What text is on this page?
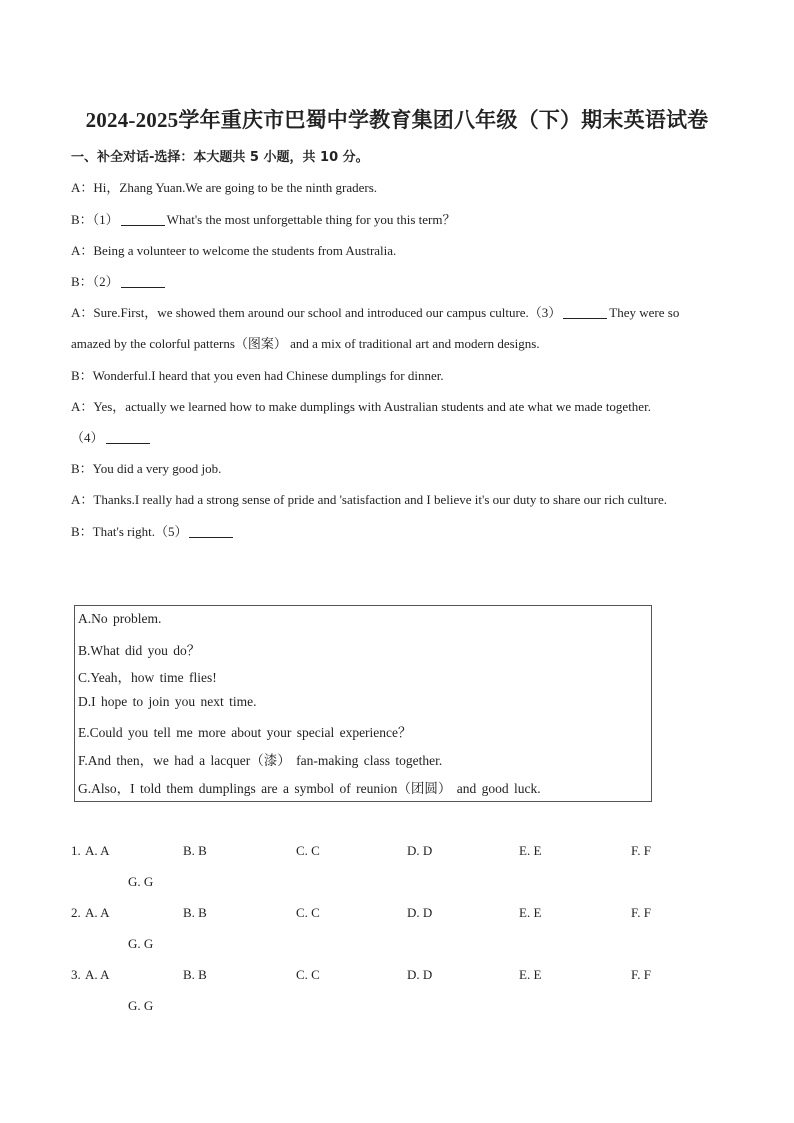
2024-2025学年重庆市巴蜀中学教育集团八年级（下）期末英语试卷
一、补全对话-选择：本大题共 5 小题，共 10 分。
A：Hi，Zhang Yuan.We are going to be the ninth graders.
B：（1）	What's the most unforgettable thing for you this term？
A：Being a volunteer to welcome the students from Australia.
B：（2）
A：Sure.First，we showed them around our school and introduced our campus culture.（3）	They were so
amazed by the colorful patterns（图案） and a mix of traditional art and modern designs.
B：Wonderful.I heard that you even had Chinese dumplings for dinner.
A：Yes，actually we learned how to make dumplings with Australian students and ate what we made together.
（4）
B：You did a very good job.
A：Thanks.I really had a strong sense of pride and 'satisfaction and I believe it's our duty to share our rich culture.
B：That's right.（5）
A.No problem.
B.What did you do？
C.Yeah，how time flies!
D.I hope to join you next time.
E.Could you tell me more about your special experience？
F.And then，we had a lacquer（漆） fan-making class together.
G.Also，I told them dumplings are a symbol of reunion（团圆） and good luck.
1. A. A	B. B	C. C	D. D	E. E	F. F
G. G
2. A. A	B. B	C. C	D. D	E. E	F. F
G. G
3. A. A	B. B	C. C	D. D	E. E	F. F
G. G
